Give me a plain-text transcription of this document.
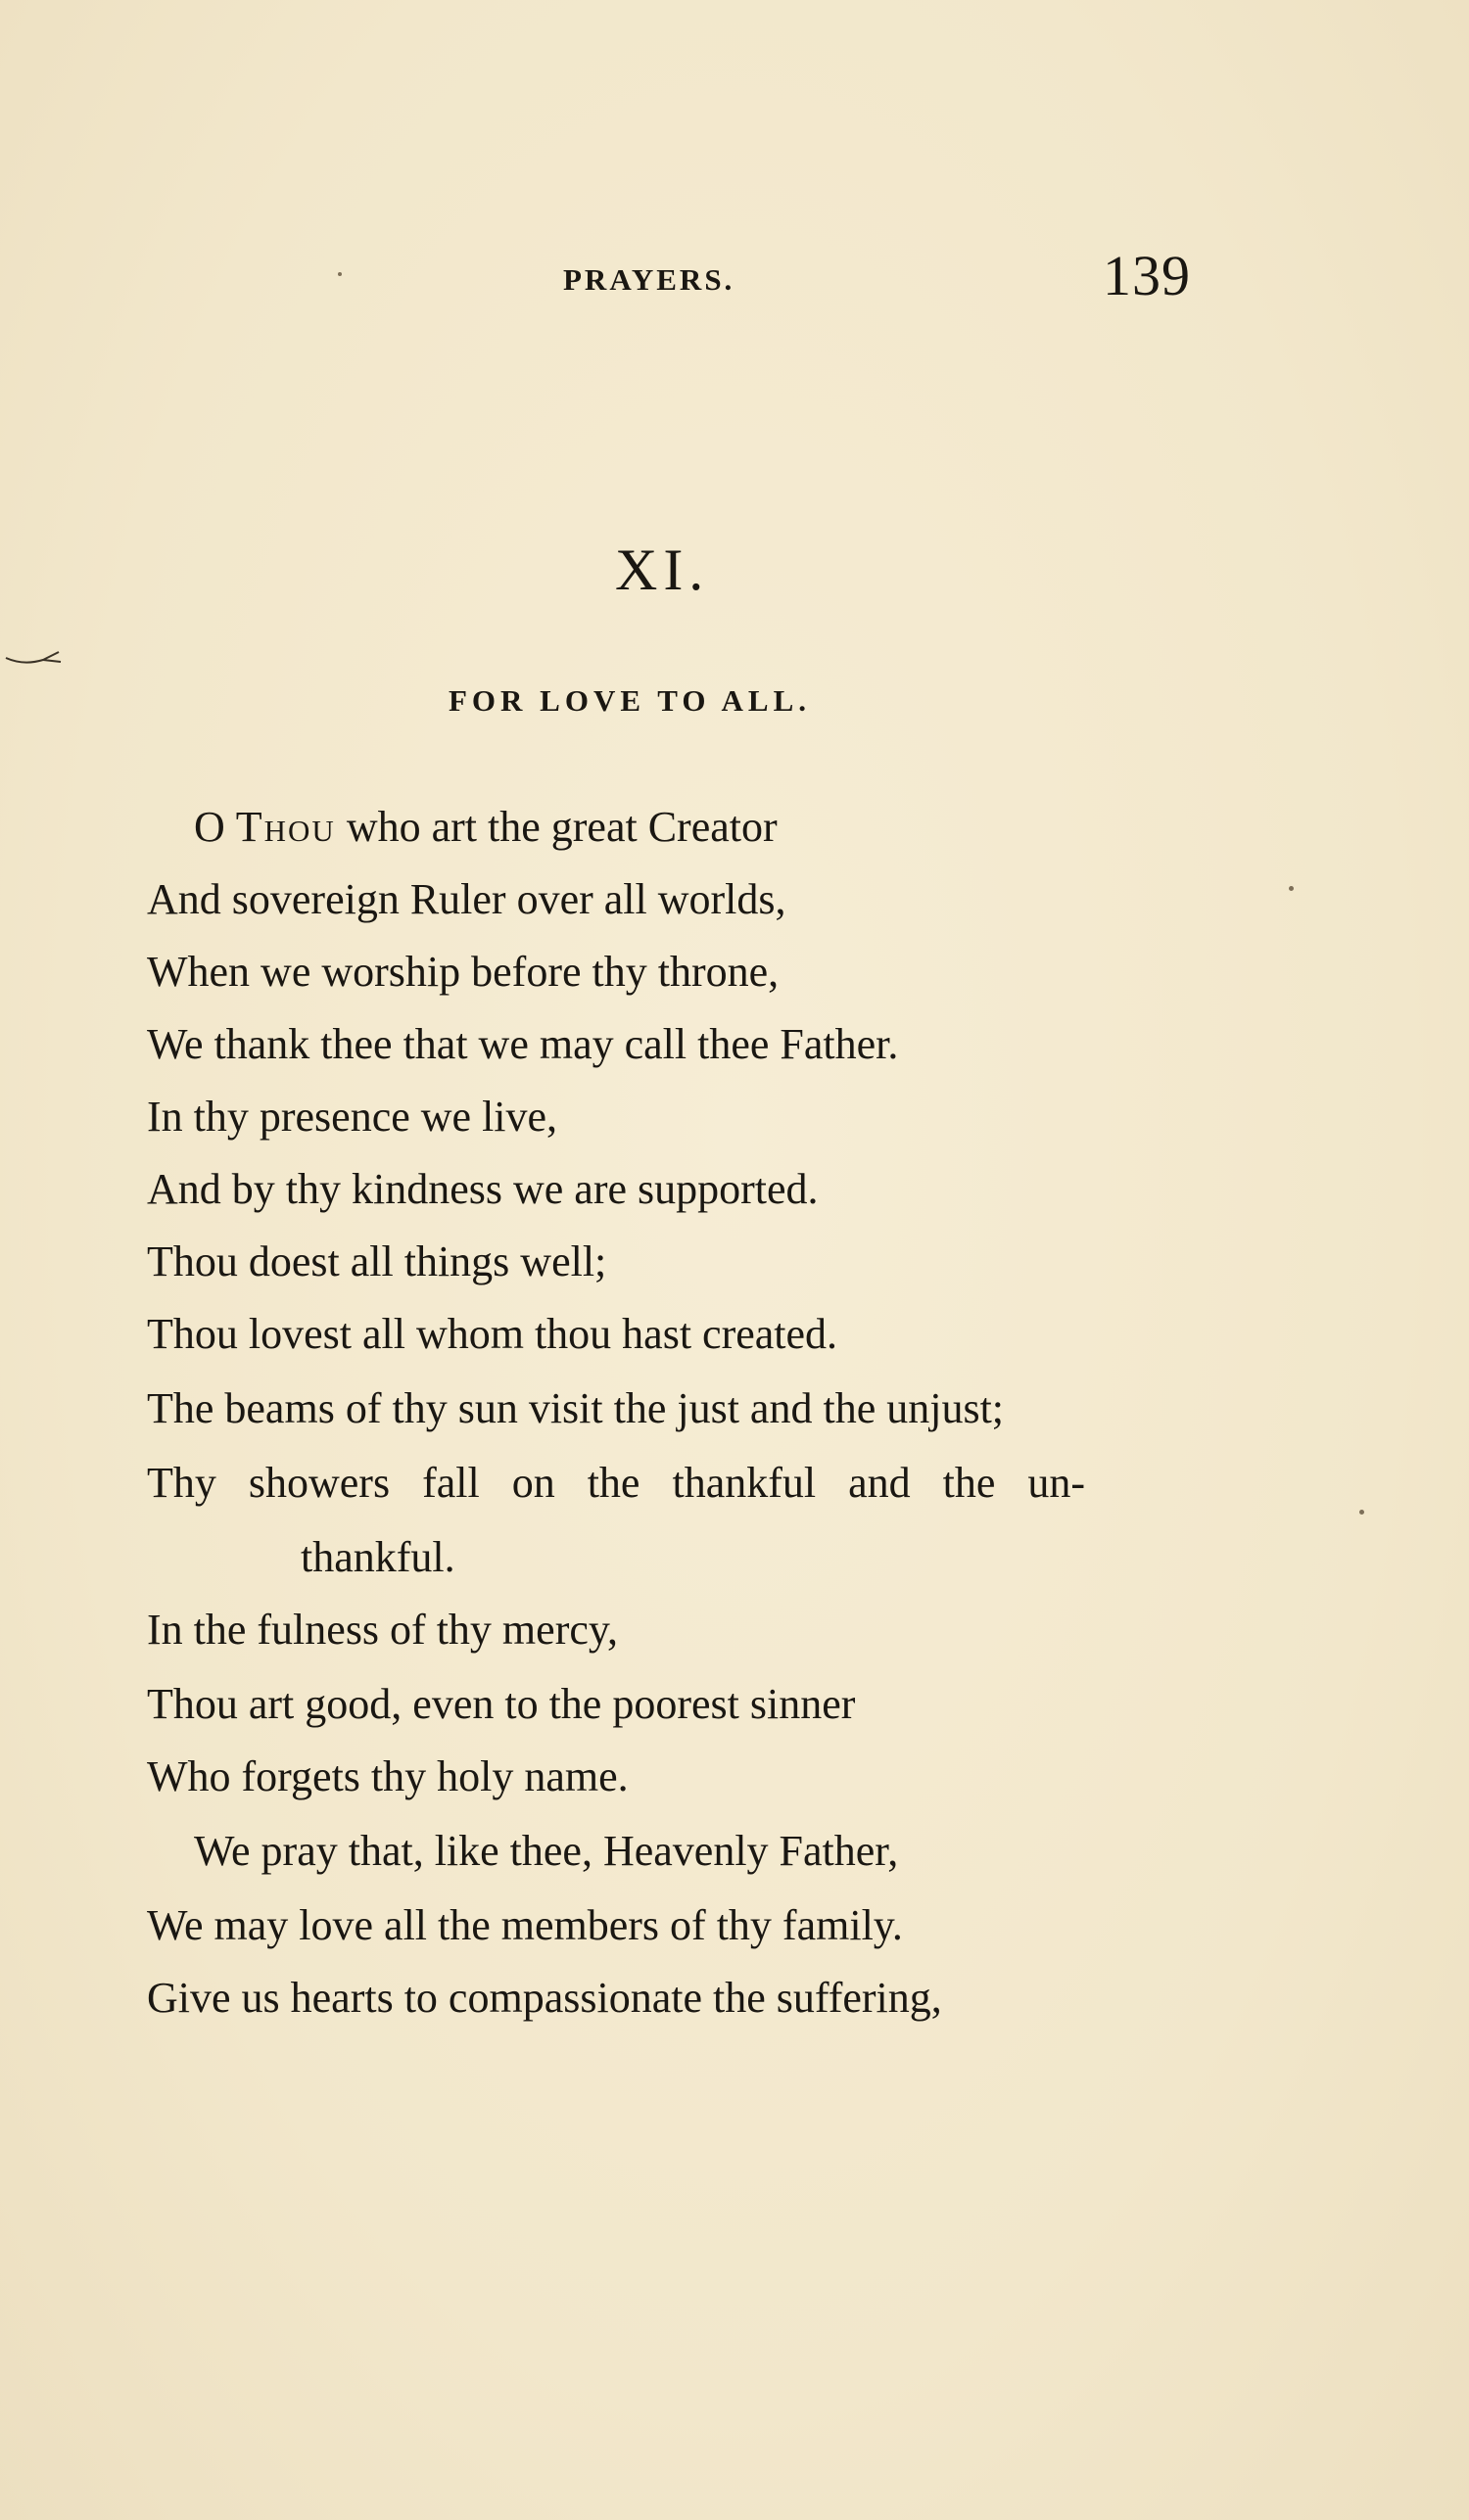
PRAYERS.	139
XI.
FOR LOVE TO ALL.
O Thou who art the great Creator
And sovereign Ruler over all worlds,
When we worship before thy throne,
We thank thee that we may call thee Father.
In thy presence we live,
And by thy kindness we are supported.
Thou doest all things well;
Thou lovest all whom thou hast created.
The beams of thy sun visit the just and the unjust;
Thy showers fall on the thankful and the un-
thankful.
In the fulness of thy mercy,
Thou art good, even to the poorest sinner
Who forgets thy holy name.
We pray that, like thee, Heavenly Father,
We may love all the members of thy family.
Give us hearts to compassionate the suffering,
